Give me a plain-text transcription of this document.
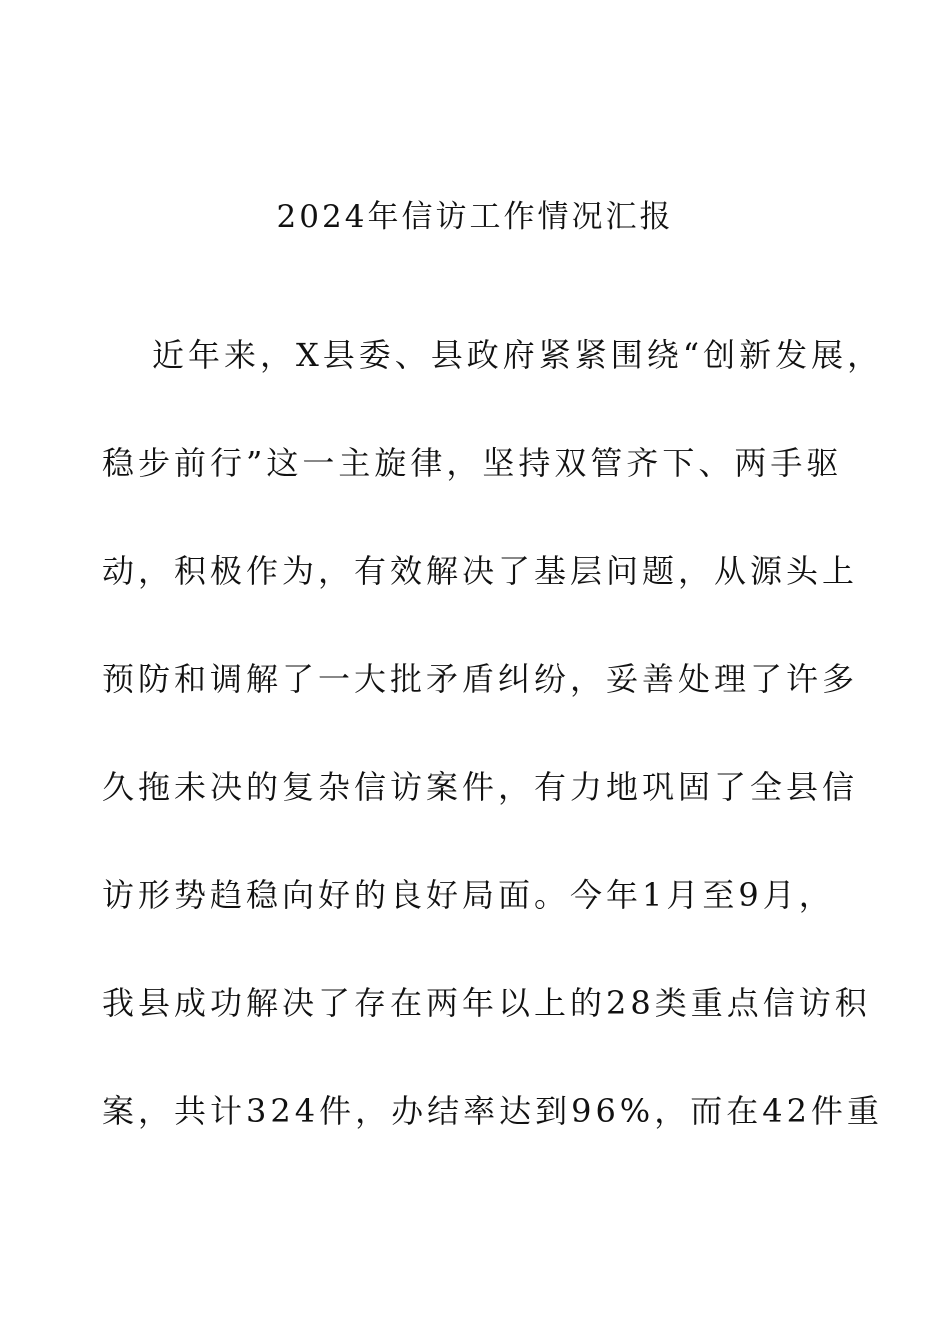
2024年信访工作情况汇报
近年来，X县委、县政府紧紧围绕“创新发展，
稳步前行”这一主旋律，坚持双管齐下、两手驱
动，积极作为，有效解决了基层问题，从源头上
预防和调解了一大批矛盾纠纷，妥善处理了许多
久拖未决的复杂信访案件，有力地巩固了全县信
访形势趋稳向好的良好局面。今年1月至9月，
我县成功解决了存在两年以上的28类重点信访积
案，共计324件，办结率达到96%，而在42件重
